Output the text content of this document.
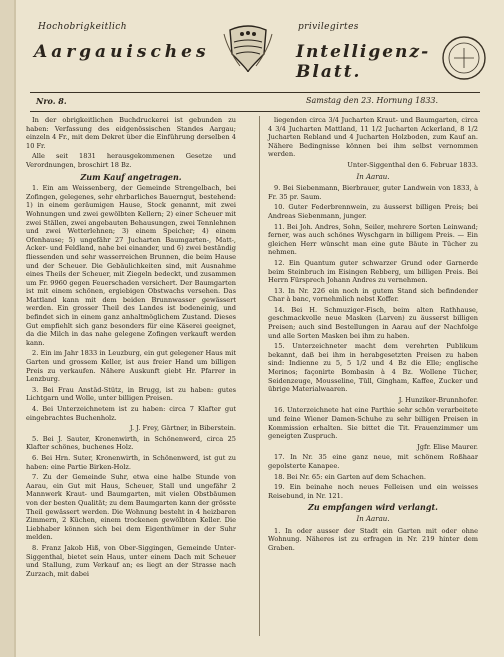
Hochobrigkeitlich	privilegirtes
Aargauisches	Intelligenz-Blatt.
Nro. 8.	Samstag den 23. Hornung 1833.

In der obrigkeitlichen Buchdruckerei ist gebunden zu haben: Verfassung des eidgenössischen Standes Aargau; einzeln 4 Fr., mit dem Dekret über die Einführung derselben 4 10 Fr.

Alle seit 1831 herausgekommenen Gesetze und Verordnungen, broschirt 18 Bz.

Zum Kauf angetragen.

1. Ein am Weissenberg, der Gemeinde Strengelbach, bei Zofingen, gelegenes, sehr ehrbarliches Bauerngut, bestehend: 1) in einem geräumigen Hause, Stock genannt, mit zwei Wohnungen und zwei gewölbten Kellern; 2) einer Scheuer mit zwei Ställen, zwei angebauten Behausungen, zwei Tennlehnen und zwei Wetterlehnen; 3) einem Speicher; 4) einem Ofenhause; 5) ungefähr 27 Jucharten Baumgarten-, Matt-, Acker- und Feldland, nahe bei einander, und 6) zwei beständig fliessenden und sehr wasserreichen Brunnen, die beim Hause und der Scheuer. Die Gebäulichkeiten sind, mit Ausnahme eines Theils der Scheuer, mit Ziegeln bedeckt, und zusammen um Fr. 9960 gegen Feuerschaden versichert. Der Baumgarten ist mit einem schönen, ergiebigen Obstwachs versehen. Das Mattland kann mit dem beiden Brunnwasser gewässert werden. Ein grosser Theil des Landes ist bodeneinig, und befindet sich in einem ganz anhaltmöglichem Zustand. Dieses Gut empfiehlt sich ganz besonders für eine Käserei geeignet, da die Milch in das nahe gelegene Zofingen verkauft werden kann.

2. Ein im Jahr 1833 in Leuzburg, ein gut gelegener Haus mit Garten und grossem Keller, ist aus freier Hand um billigen Preis zu verkaufen. Nähere Auskunft giebt Hr. Pfarrer in Lenzburg.

3. Bei Frau Anstäd-Stütz, in Brugg, ist zu haben: gutes Lichtgarn und Wolle, unter billigen Preisen.

4. Bei Unterzeichnetem ist zu haben: circa 7 Klafter gut eingebrachtes Buchenholz.

J. J. Frey, Gärtner, in Biberstein.

5. Bei J. Sauter, Kronenwirth, in Schönenwerd, circa 25 Klafter schönes, buchenes Holz.

6. Bei Hrn. Suter, Kronenwirth, in Schönenwerd, ist gut zu haben: eine Partie Birken-Holz.

7. Zu der Gemeinde Suhr, etwa eine halbe Stunde von Aarau, ein Gut mit Haus, Scheuer, Stall und ungefähr 2 Mannwerk Kraut- und Baumgarten, mit vielen Obstbäumen von der besten Qualität; zu dem Baumgarten kann der grösste Theil gewässert werden. Die Wohnung besteht in 4 heizbaren Zimmern, 2 Küchen, einem trockenen gewölbten Keller. Die Liebhaber können sich bei dem Eigenthümer in der Suhr melden.

8. Franz Jakob Hiß, von Ober-Siggingen, Gemeinde Unter-Siggenthal, bietet sein Haus, unter einem Dach mit Scheuer und Stallung, zum Verkauf an; es liegt an der Strasse nach Zurzach, mit dabei

liegenden circa 3/4 Jucharten Kraut- und Baumgarten, circa 4 3/4 Jucharten Mattland, 11 1/2 Jucharten Ackerland, 8 1/2 Jucharten Rebland und 4 Jucharten Holzboden, zum Kauf an. Nähere Bedingnisse können bei ihm selbst vernommen werden.

Unter-Siggenthal den 6. Februar 1833.

In Aarau.

9. Bei Siebenmann, Bierbrauer, guter Landwein von 1833, à Fr. 35 pr. Saum.

10. Guter Federbrennwein, zu äusserst billigen Preis; bei Andreas Siebenmann, junger.

11. Bei Joh. Andres, Sohn, Seiler, mehrere Sorten Leinwand; ferner, was auch schönes Wyschgarn in billigem Preis. — Ein gleichen Herr wünscht man eine gute Bäute in Tücher zu nehmen.

12. Ein Quantum guter schwarzer Grund oder Garnerde beim Steinbruch im Eisingen Rebberg, um billigen Preis. Bei Herrn Fürsprech Johann Andres zu vernehmen.

13. In Nr. 226 ein noch in gutem Stand sich befindender Char à banc, vornehmlich nebst Koffer.

14. Bei H. Schmuziger-Fisch, beim alten Rathhause, geschmackvolle neue Masken (Larven) zu äusserst billigen Preisen; auch sind Bestellungen in Aarau auf der Nachfolge und alle Sorten Masken bei ihm zu haben.

15. Unterzeichneter macht dem verehrten Publikum bekannt, daß bei ihm in herabgesetzten Preisen zu haben sind: Indienne zu 5, 5 1/2 und 4 Bz die Elle; englische Merinos; façonirte Bombasin à 4 Bz. Wollene Tücher, Seidenzeuge, Mousseline, Tüll, Gingham, Kaffee, Zucker und übrige Materialwaaren.

J. Hunziker-Brunnhofer.

16. Unterzeichnete hat eine Parthie sehr schön verarbeitete und feine Wiener Damen-Schuhe zu sehr billigen Preisen in Kommission erhalten. Sie bittet die Tit. Frauenzimmer um geneigten Zuspruch.

Jgfr. Elise Maurer.

17. In Nr. 35 eine ganz neue, mit schönem Roßhaar gepolsterte Kanapee.

18. Bei Nr. 65: ein Garten auf dem Schachen.

19. Ein beinahe noch neues Felleisen und ein weisses Reisebund, in Nr. 121.

Zu empfangen wird verlangt.

In Aarau.

1. In oder ausser der Stadt ein Garten mit oder ohne Wohnung. Näheres ist zu erfragen in Nr. 219 hinter dem Graben.
